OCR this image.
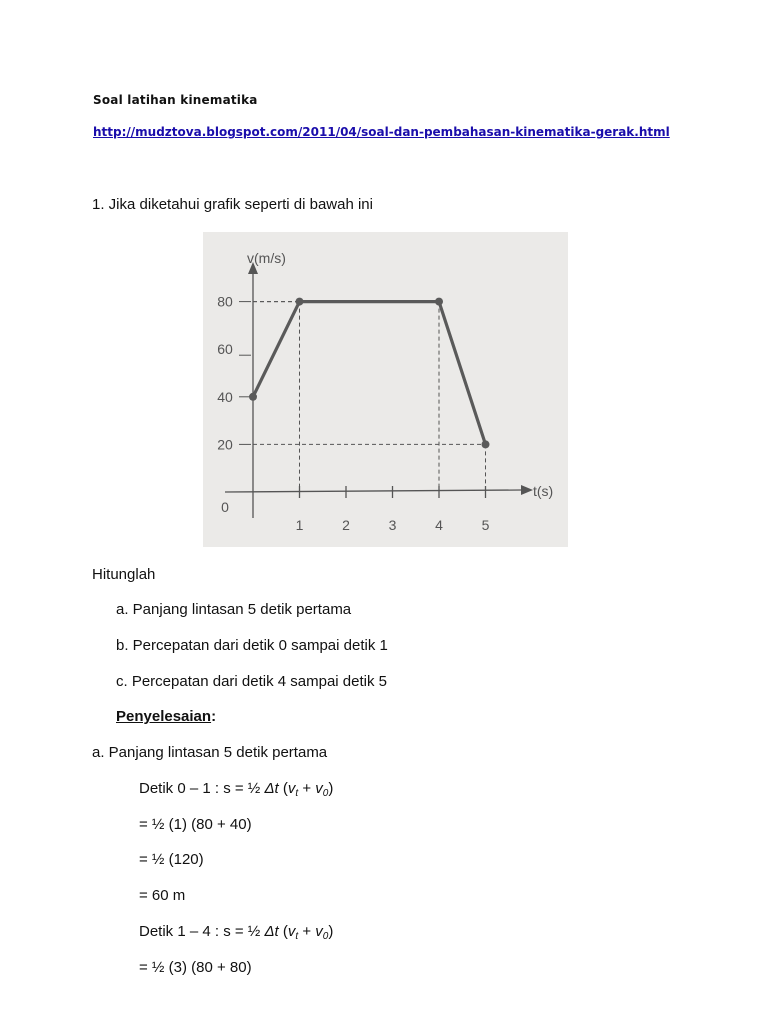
Soal latihan kinematika
http://mudztova.blogspot.com/2011/04/soal-dan-pembahasan-kinematika-gerak.html
1. Jika diketahui grafik seperti di bawah ini
v(m/s)
t(s)
1	2	3	4	5
0
20
40
60
80
Hitunglah
a. Panjang lintasan 5 detik pertama
b. Percepatan dari detik 0 sampai detik 1
c. Percepatan dari detik 4 sampai detik 5
Penyelesaian:
a. Panjang lintasan 5 detik pertama
Detik 0 – 1 : s = ½ Δt $(v_t + v_0)$
= ½ (1) (80 + 40)
= ½ (120)
= 60 m
Detik 1 – 4 : s = ½ Δt $(v_t + v_0)$
= ½ (3) (80 + 80)
